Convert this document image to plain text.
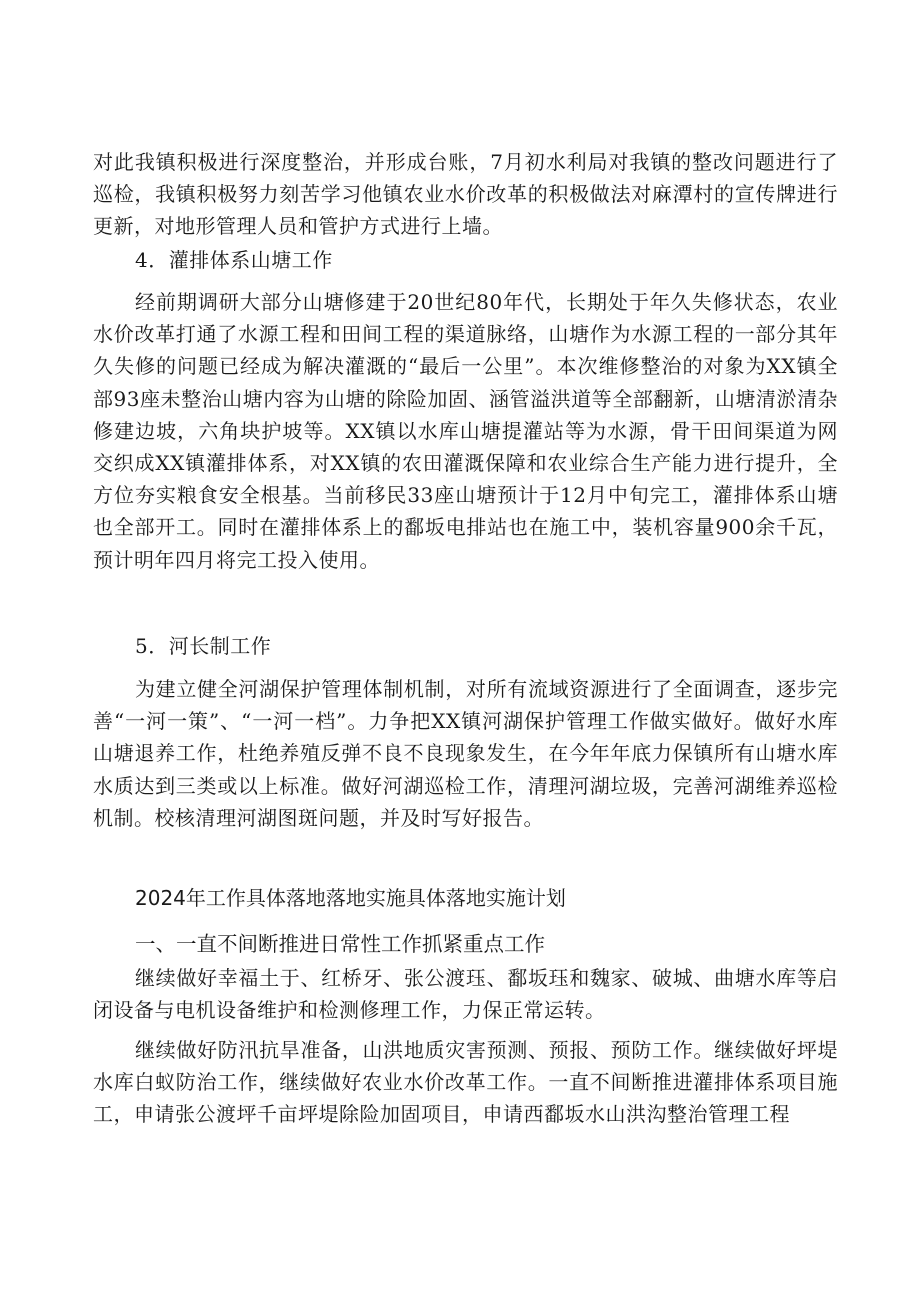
对此我镇积极进行深度整治，并形成台账，7月初水利局对我镇的整改问题进行了巡检，我镇积极努力刻苦学习他镇农业水价改革的积极做法对麻潭村的宣传牌进行更新，对地形管理人员和管护方式进行上墙。

4．灌排体系山塘工作

经前期调研大部分山塘修建于20世纪80年代，长期处于年久失修状态，农业水价改革打通了水源工程和田间工程的渠道脉络，山塘作为水源工程的一部分其年久失修的问题已经成为解决灌溉的“最后一公里”。本次维修整治的对象为XX镇全部93座未整治山塘内容为山塘的除险加固、涵管溢洪道等全部翻新，山塘清淤清杂修建边坡，六角块护坡等。XX镇以水库山塘提灌站等为水源，骨干田间渠道为网交织成XX镇灌排体系，对XX镇的农田灌溉保障和农业综合生产能力进行提升，全方位夯实粮食安全根基。当前移民33座山塘预计于12月中旬完工，灌排体系山塘也全部开工。同时在灌排体系上的鄱坂电排站也在施工中，装机容量900余千瓦，预计明年四月将完工投入使用。

5．河长制工作

为建立健全河湖保护管理体制机制，对所有流域资源进行了全面调查，逐步完善“一河一策”、“一河一档”。力争把XX镇河湖保护管理工作做实做好。做好水库山塘退养工作，杜绝养殖反弹不良不良现象发生，在今年年底力保镇所有山塘水库水质达到三类或以上标准。做好河湖巡检工作，清理河湖垃圾，完善河湖维养巡检机制。校核清理河湖图斑问题，并及时写好报告。

2024年工作具体落地落地实施具体落地实施计划
一、一直不间断推进日常性工作抓紧重点工作

继续做好幸福土于、红桥牙、张公渡珏、鄱坂珏和魏家、破城、曲塘水库等启闭设备与电机设备维护和检测修理工作，力保正常运转。

继续做好防汛抗旱准备，山洪地质灾害预测、预报、预防工作。继续做好坪堤水库白蚁防治工作，继续做好农业水价改革工作。一直不间断推进灌排体系项目施工，申请张公渡坪千亩坪堤除险加固项目，申请西鄱坂水山洪沟整治管理工程
